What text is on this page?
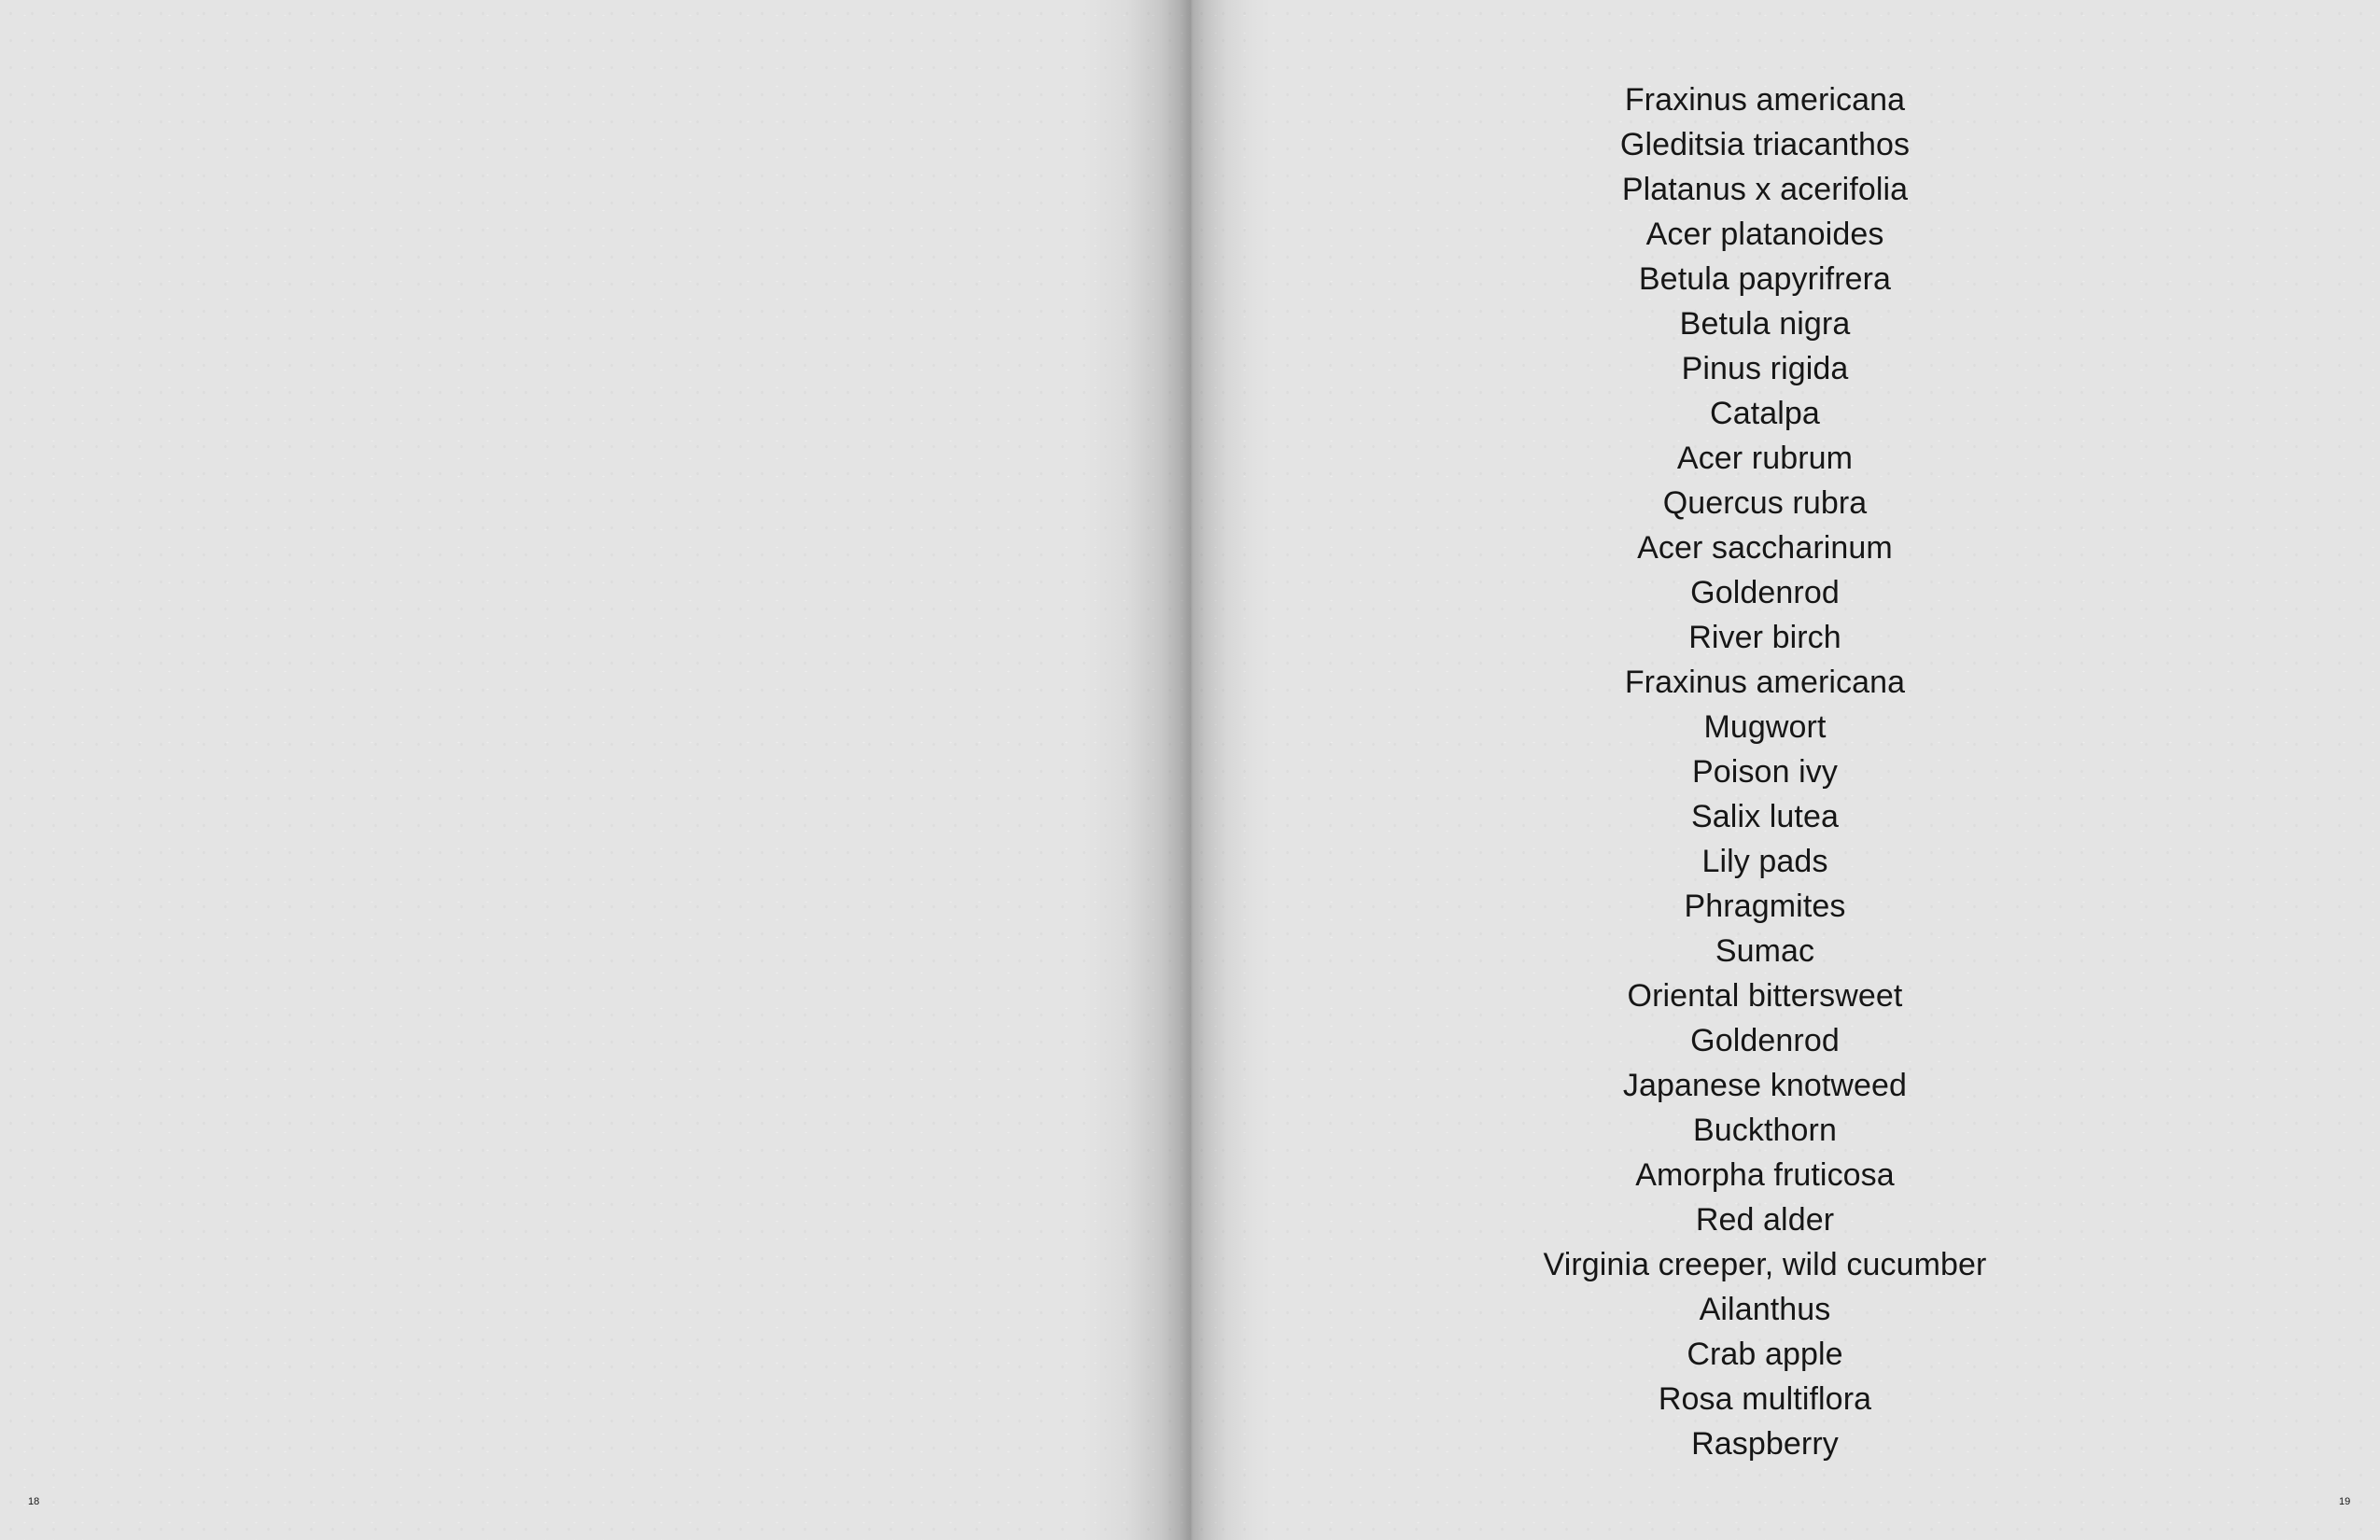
18	19
Fraxinus americana
Gleditsia triacanthos
Platanus x acerifolia
Acer platanoides
Betula papyrifrera
Betula nigra
Pinus rigida
Catalpa
Acer rubrum
Quercus rubra
Acer saccharinum
Goldenrod
River birch
Fraxinus americana
Mugwort
Poison ivy
Salix lutea
Lily pads
Phragmites
Sumac
Oriental bittersweet
Goldenrod
Japanese knotweed
Buckthorn
Amorpha fruticosa
Red alder
Virginia creeper, wild cucumber
Ailanthus
Crab apple
Rosa multiflora
Raspberry
